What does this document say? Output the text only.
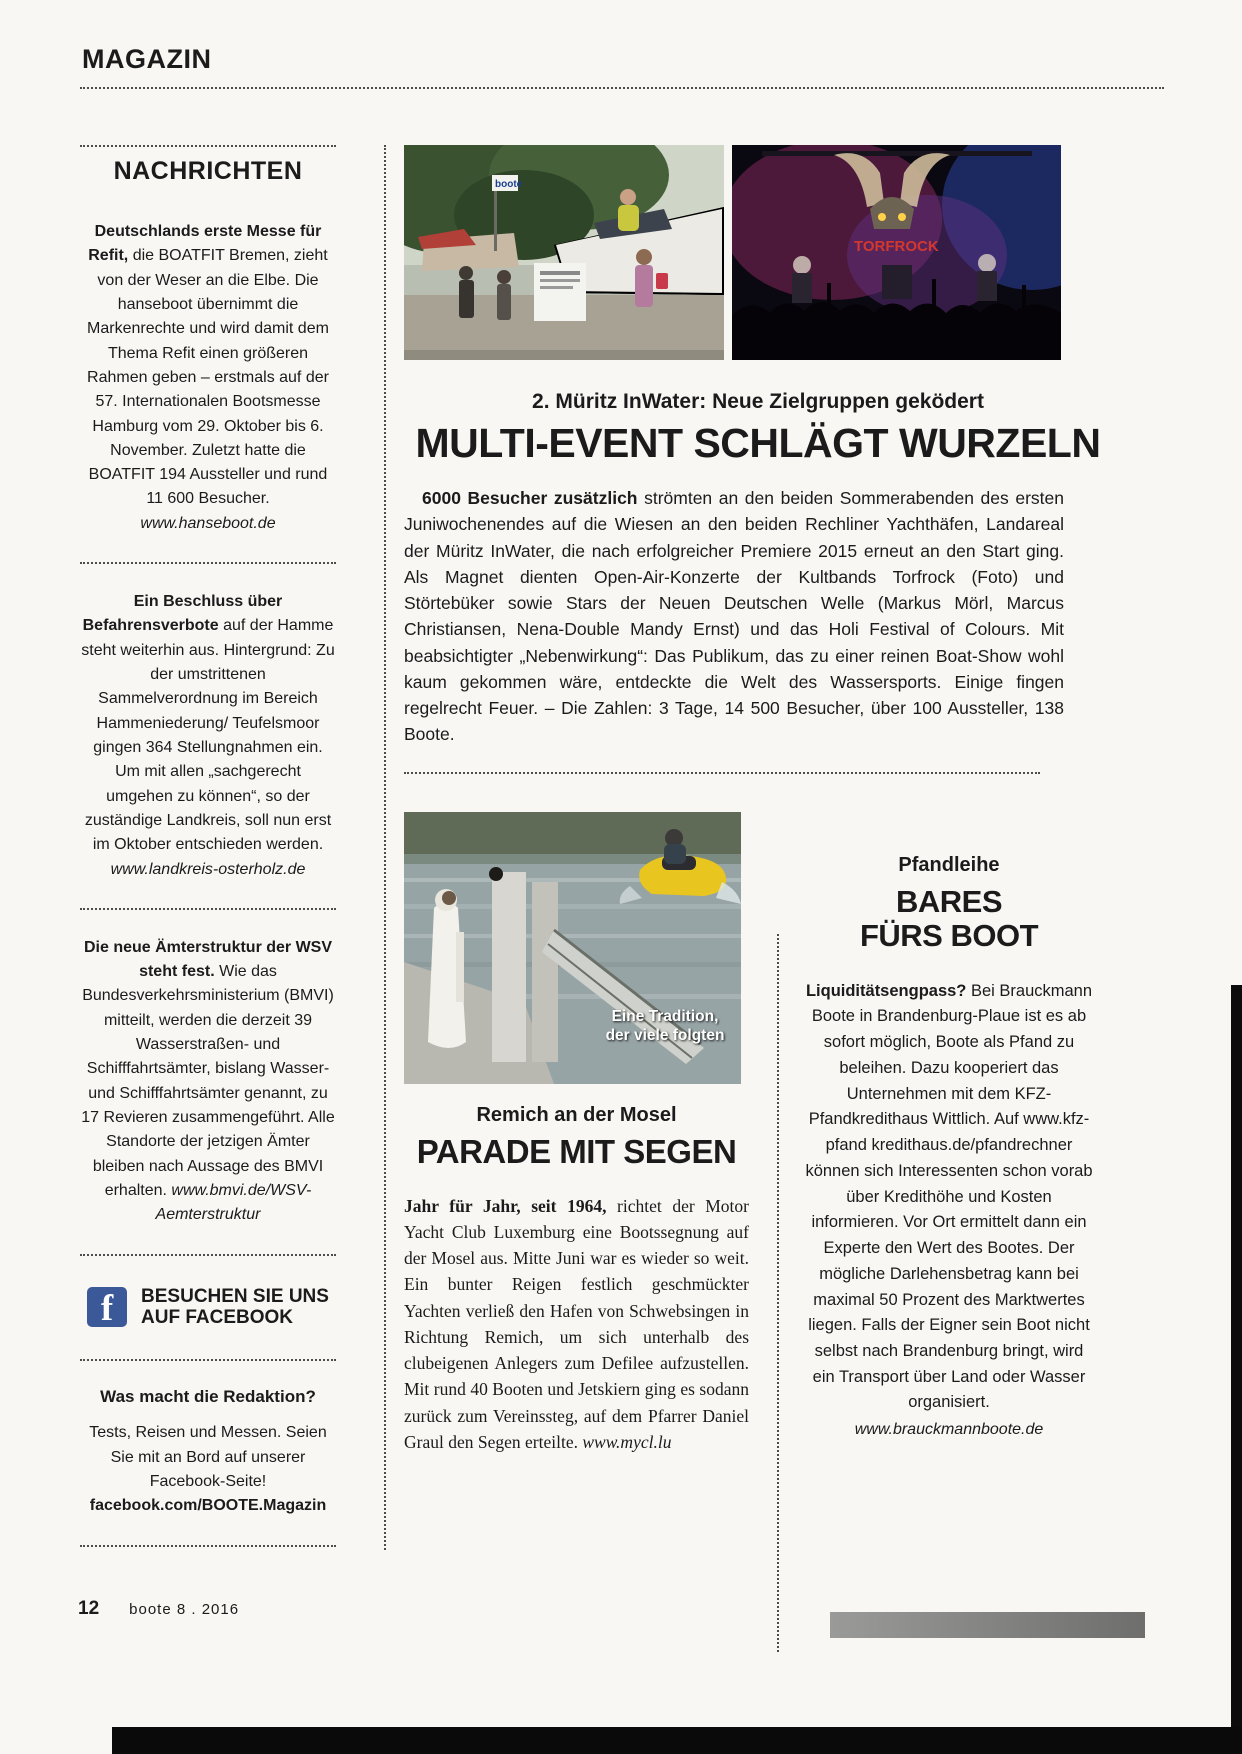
MAGAZIN
NACHRICHTEN

Deutschlands erste Messe für Refit, die BOATFIT Bremen, zieht von der Weser an die Elbe. Die hanseboot übernimmt die Markenrechte und wird damit dem Thema Refit einen größeren Rahmen geben – erstmals auf der 57. Internationalen Bootsmesse Hamburg vom 29. Oktober bis 6. November. Zuletzt hatte die BOATFIT 194 Aussteller und rund 11 600 Besucher. www.hanseboot.de

Ein Beschluss über Befahrensverbote auf der Hamme steht weiterhin aus. Hintergrund: Zu der umstrittenen Sammelverordnung im Bereich Hammeniederung/ Teufelsmoor gingen 364 Stellungnahmen ein. Um mit allen „sachgerecht umgehen zu können“, so der zuständige Landkreis, soll nun erst im Oktober entschieden werden. www.landkreis-osterholz.de

Die neue Ämterstruktur der WSV steht fest. Wie das Bundesverkehrsministerium (BMVI) mitteilt, werden die derzeit 39 Wasserstraßen- und Schifffahrtsämter, bislang Wasser- und Schifffahrtsämter genannt, zu 17 Revieren zusammengeführt. Alle Standorte der jetzigen Ämter bleiben nach Aussage des BMVI erhalten. www.bmvi.de/WSV-Aemterstruktur

f	BESUCHEN SIE UNS
AUF FACEBOOK
Was macht die Redaktion?

Tests, Reisen und Messen. Seien Sie mit an Bord auf unserer Facebook-Seite!

facebook.com/BOOTE.Magazin

boote
TORFROCK

2. Müritz InWater: Neue Zielgruppen geködert

MULTI-EVENT SCHLÄGT WURZELN

6000 Besucher zusätzlich strömten an den beiden Sommerabenden des ersten Juniwochenendes auf die Wiesen an den beiden Rechliner Yachthäfen, Landareal der Müritz InWater, die nach erfolgreicher Premiere 2015 erneut an den Start ging. Als Magnet dienten Open-Air-Konzerte der Kultbands Torfrock (Foto) und Störtebüker sowie Stars der Neuen Deutschen Welle (Markus Mörl, Marcus Christiansen, Nena-Double Mandy Ernst) und das Holi Festival of Colours. Mit beabsichtigter „Nebenwirkung“: Das Publikum, das zu einer reinen Boat-Show wohl kaum gekommen wäre, entdeckte die Welt des Wassersports. Einige fingen regelrecht Feuer. – Die Zahlen: 3 Tage, 14 500 Besucher, über 100 Aussteller, 138 Boote.

Eine Tradition, der viele folgten

Remich an der Mosel

PARADE MIT SEGEN

Jahr für Jahr, seit 1964, richtet der Motor Yacht Club Luxemburg eine Bootssegnung auf der Mosel aus. Mitte Juni war es wieder so weit. Ein bunter Reigen festlich geschmückter Yachten verließ den Hafen von Schwebsingen in Richtung Remich, um sich unterhalb des clubeigenen Anlegers zum Defilee aufzustellen. Mit rund 40 Booten und Jetskiern ging es sodann zurück zum Vereinssteg, auf dem Pfarrer Daniel Graul den Segen erteilte. www.mycl.lu

Pfandleihe

BARES
FÜRS BOOT

Liquiditätsengpass? Bei Brauckmann Boote in Brandenburg-Plaue ist es ab sofort möglich, Boote als Pfand zu beleihen. Dazu kooperiert das Unternehmen mit dem KFZ-Pfandkredithaus Wittlich. Auf www.kfz-pfand kredithaus.de/pfandrechner können sich Interessenten schon vorab über Kredithöhe und Kosten informieren. Vor Ort ermittelt dann ein Experte den Wert des Bootes. Der mögliche Darlehensbetrag kann bei maximal 50 Prozent des Marktwertes liegen. Falls der Eigner sein Boot nicht selbst nach Brandenburg bringt, wird ein Transport über Land oder Wasser organisiert.
www.brauckmannboote.de

12 boote 8 . 2016
